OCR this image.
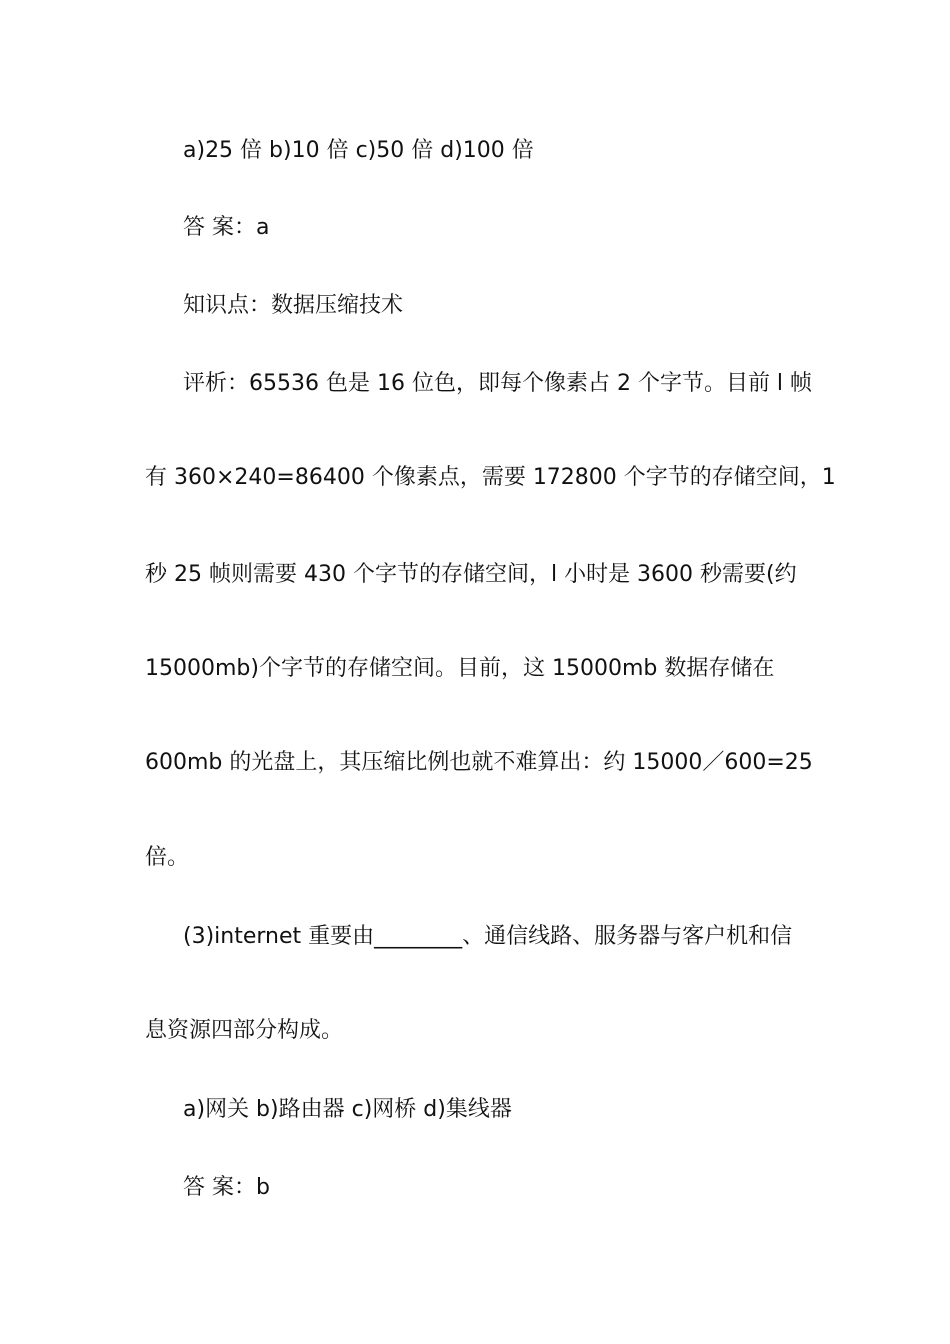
a)25 倍 b)10 倍 c)50 倍 d)100 倍
答 案：a
知识点：数据压缩技术
评析：65536 色是 16 位色，即每个像素占 2 个字节。目前 l 帧
有 360×240=86400 个像素点，需要 172800 个字节的存储空间，1
秒 25 帧则需要 430 个字节的存储空间，l 小时是 3600 秒需要(约
15000mb)个字节的存储空间。目前，这 15000mb 数据存储在
600mb 的光盘上，其压缩比例也就不难算出：约 15000／600=25
倍。
(3)internet 重要由________、通信线路、服务器与客户机和信
息资源四部分构成。
a)网关 b)路由器 c)网桥 d)集线器
答 案：b
